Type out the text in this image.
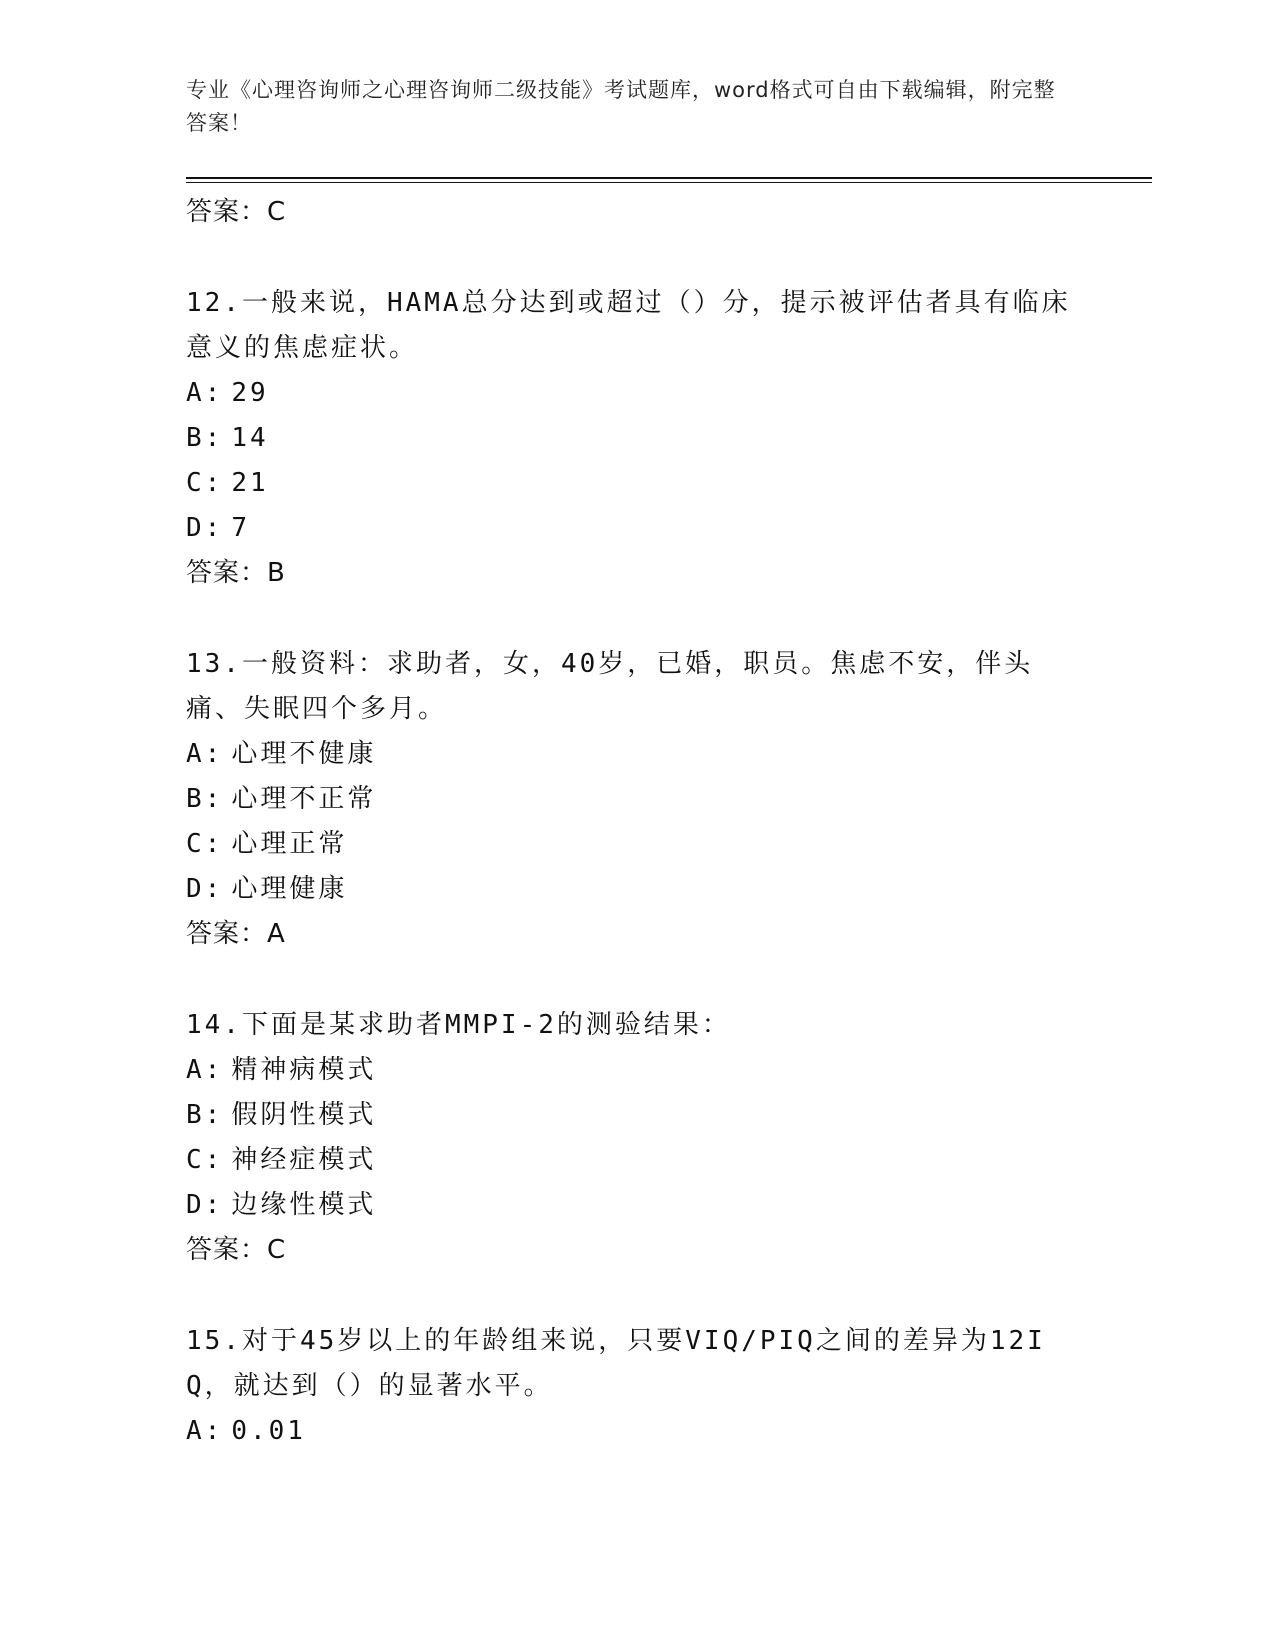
专业《心理咨询师之心理咨询师二级技能》考试题库，word格式可自由下载编辑，附完整答案！
答案：C
12.一般来说，HAMA总分达到或超过（）分，提示被评估者具有临床意义的焦虑症状。
A: 29
B: 14
C: 21
D: 7
答案：B
13.一般资料：求助者，女，40岁，已婚，职员。焦虑不安，伴头痛、失眠四个多月。
A: 心理不健康
B: 心理不正常
C: 心理正常
D: 心理健康
答案：A
14.下面是某求助者MMPI-2的测验结果：
A: 精神病模式
B: 假阴性模式
C: 神经症模式
D: 边缘性模式
答案：C
15.对于45岁以上的年龄组来说，只要VIQ/PIQ之间的差异为12IQ，就达到（）的显著水平。
A: 0.01
